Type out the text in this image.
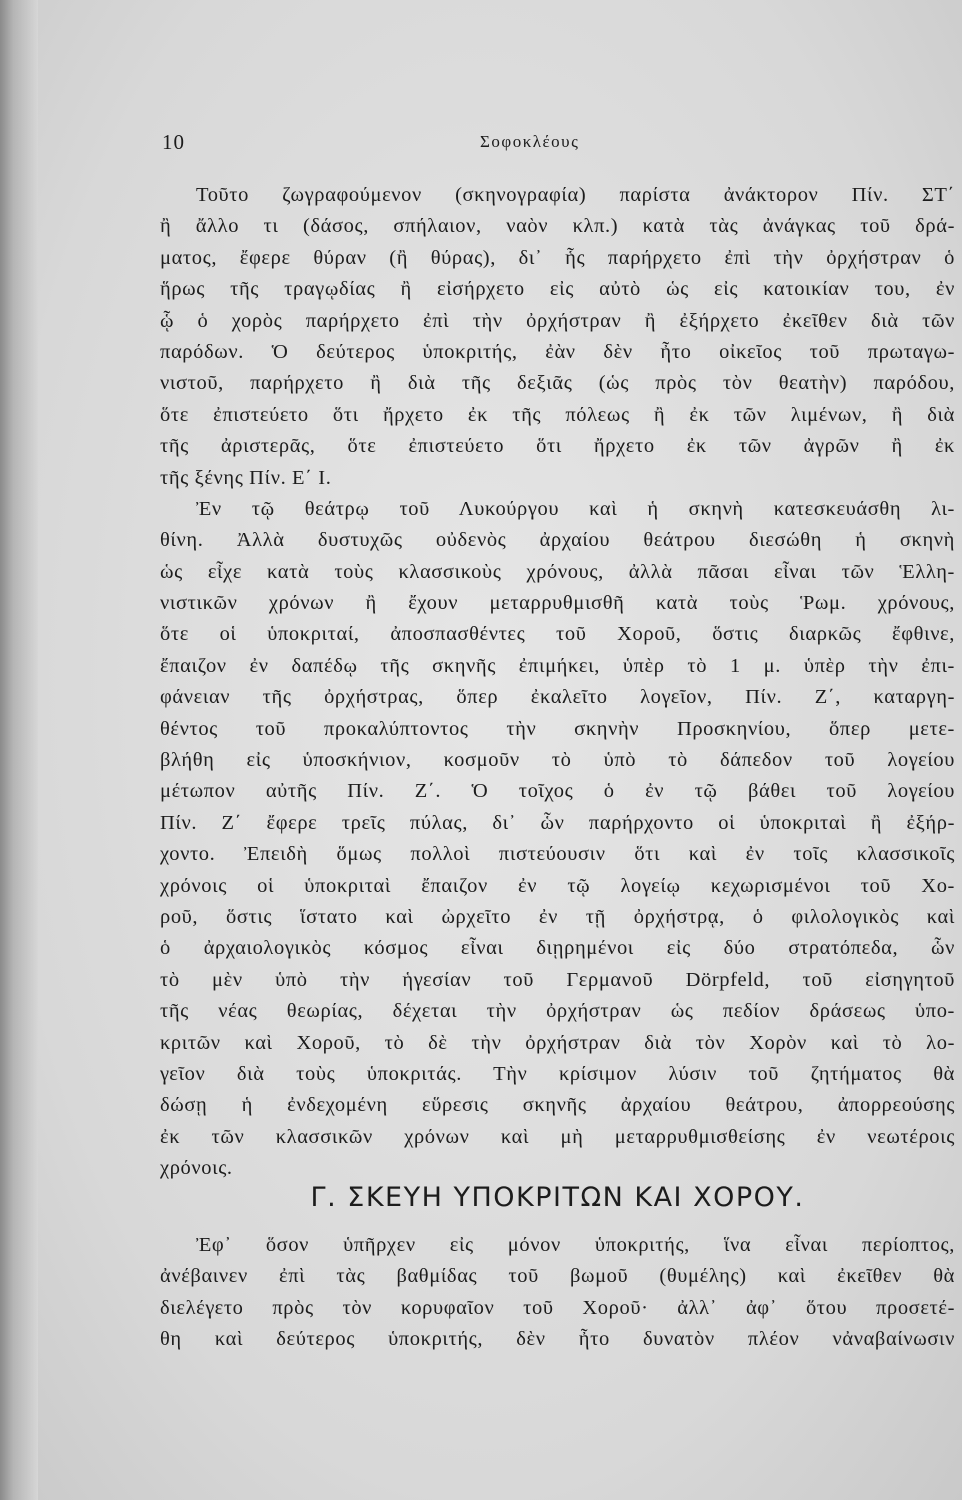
10	Σοφοκλέους
Τοῦτο ζωγραφούμενον (σκηνογραφία) παρίστα ἀνάκτορον Πίν. ΣΤ΄
ἢ ἄλλο τι (δάσος, σπήλαιον, ναὸν κλπ.) κατὰ τὰς ἀνάγκας τοῦ δρά-
ματος, ἔφερε θύραν (ἢ θύρας), δι᾽ ἧς παρήρχετο ἐπὶ τὴν ὀρχήστραν ὁ
ἥρως τῆς τραγῳδίας ἢ εἰσήρχετο εἰς αὐτὸ ὡς εἰς κατοικίαν του, ἐν
ᾧ ὁ χορὸς παρήρχετο ἐπὶ τὴν ὀρχήστραν ἢ ἐξήρχετο ἐκεῖθεν διὰ τῶν
παρόδων. Ὁ δεύτερος ὑποκριτής, ἐὰν δὲν ἦτο οἰκεῖος τοῦ πρωταγω-
νιστοῦ, παρήρχετο ἢ διὰ τῆς δεξιᾶς (ὡς πρὸς τὸν θεατὴν) παρόδου,
ὅτε ἐπιστεύετο ὅτι ἤρχετο ἐκ τῆς πόλεως ἢ ἐκ τῶν λιμένων, ἢ διὰ
τῆς ἀριστερᾶς, ὅτε ἐπιστεύετο ὅτι ἤρχετο ἐκ τῶν ἀγρῶν ἢ ἐκ
τῆς ξένης Πίν. Ε΄ Ι.
Ἐν τῷ θεάτρῳ τοῦ Λυκούργου καὶ ἡ σκηνὴ κατεσκευάσθη λι-
θίνη. Ἀλλὰ δυστυχῶς οὐδενὸς ἀρχαίου θεάτρου διεσώθη ἡ σκηνὴ
ὡς εἶχε κατὰ τοὺς κλασσικοὺς χρόνους, ἀλλὰ πᾶσαι εἶναι τῶν Ἑλλη-
νιστικῶν χρόνων ἢ ἔχουν μεταρρυθμισθῆ κατὰ τοὺς Ῥωμ. χρόνους,
ὅτε οἱ ὑποκριταί, ἀποσπασθέντες τοῦ Χοροῦ, ὅστις διαρκῶς ἔφθινε,
ἔπαιζον ἐν δαπέδῳ τῆς σκηνῆς ἐπιμήκει, ὑπὲρ τὸ 1 μ. ὑπὲρ τὴν ἐπι-
φάνειαν τῆς ὀρχήστρας, ὅπερ ἐκαλεῖτο λογεῖον, Πίν. Ζ΄, καταργη-
θέντος τοῦ προκαλύπτοντος τὴν σκηνὴν Προσκηνίου, ὅπερ μετε-
βλήθη εἰς ὑποσκήνιον, κοσμοῦν τὸ ὑπὸ τὸ δάπεδον τοῦ λογείου
μέτωπον αὐτῆς Πίν. Ζ΄. Ὁ τοῖχος ὁ ἐν τῷ βάθει τοῦ λογείου
Πίν. Ζ΄ ἔφερε τρεῖς πύλας, δι᾽ ὧν παρήρχοντο οἱ ὑποκριταὶ ἢ ἐξήρ-
χοντο. Ἐπειδὴ ὅμως πολλοὶ πιστεύουσιν ὅτι καὶ ἐν τοῖς κλασσικοῖς
χρόνοις οἱ ὑποκριταὶ ἔπαιζον ἐν τῷ λογείῳ κεχωρισμένοι τοῦ Χο-
ροῦ, ὅστις ἵστατο καὶ ὠρχεῖτο ἐν τῇ ὀρχήστρᾳ, ὁ φιλολογικὸς καὶ
ὁ ἀρχαιολογικὸς κόσμος εἶναι διῃρημένοι εἰς δύο στρατόπεδα, ὧν
τὸ μὲν ὑπὸ τὴν ἡγεσίαν τοῦ Γερμανοῦ Dörpfeld, τοῦ εἰσηγητοῦ
τῆς νέας θεωρίας, δέχεται τὴν ὀρχήστραν ὡς πεδίον δράσεως ὑπο-
κριτῶν καὶ Χοροῦ, τὸ δὲ τὴν ὀρχήστραν διὰ τὸν Χορὸν καὶ τὸ λο-
γεῖον διὰ τοὺς ὑποκριτάς. Τὴν κρίσιμον λύσιν τοῦ ζητήματος θὰ
δώσῃ ἡ ἐνδεχομένη εὕρεσις σκηνῆς ἀρχαίου θεάτρου, ἀπορρεούσης
ἐκ τῶν κλασσικῶν χρόνων καὶ μὴ μεταρρυθμισθείσης ἐν νεωτέροις
χρόνοις.
Γ. ΣΚΕΥΗ ΥΠΟΚΡΙΤΩΝ ΚΑΙ ΧΟΡΟΥ.
Ἐφ᾽ ὅσον ὑπῆρχεν εἰς μόνον ὑποκριτής, ἵνα εἶναι περίοπτος,
ἀνέβαινεν ἐπὶ τὰς βαθμίδας τοῦ βωμοῦ (θυμέλης) καὶ ἐκεῖθεν θὰ
διελέγετο πρὸς τὸν κορυφαῖον τοῦ Χοροῦ· ἀλλ᾽ ἀφ᾽ ὅτου προσετέ-
θη καὶ δεύτερος ὑποκριτής, δὲν ἦτο δυνατὸν πλέον νἀναβαίνωσιν
